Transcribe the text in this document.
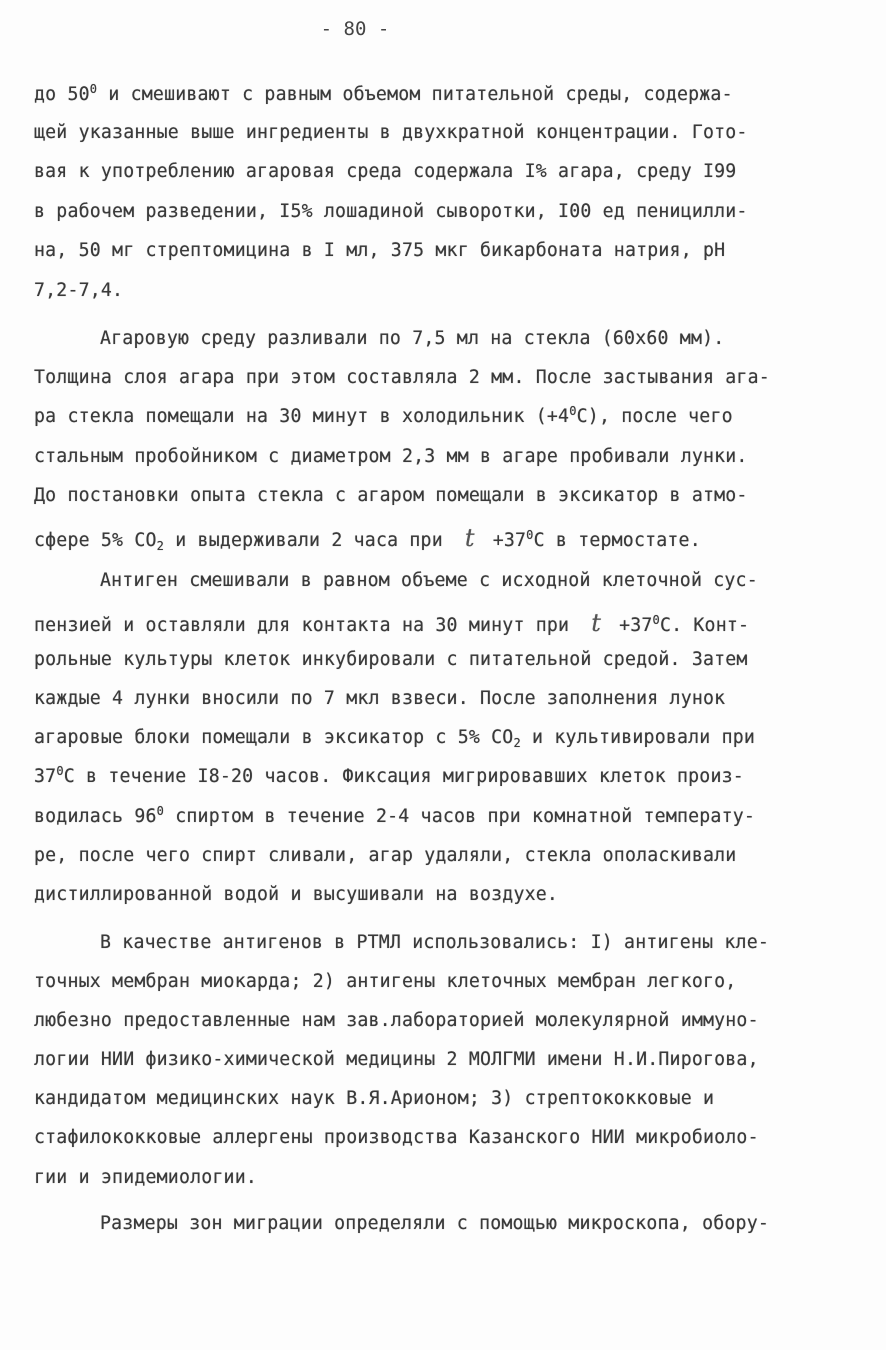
- 80 -
до $50^0$ и смешивают с равным объемом питательной среды, содержа-
щей указанные выше ингредиенты в двухкратной концентрации. Гото-
вая к употреблению агаровая среда содержала I% агара, среду I99
в рабочем разведении, I5% лошадиной сыворотки, I00 ед пеницилли-
на, 50 мг стрептомицина в I мл, 375 мкг бикарбоната натрия, рН
7,2-7,4.
Агаровую среду разливали по 7,5 мл на стекла (60х60 мм).
Толщина слоя агара при этом составляла 2 мм. После застывания ага-
ра стекла помещали на 30 минут в холодильник $(+4^0С)$, после чего
стальным пробойником с диаметром 2,3 мм в агаре пробивали лунки.
До постановки опыта стекла с агаром помещали в эксикатор в атмо-
сфере 5% $СО_2$ и выдерживали 2 часа при $t +37^0С$ в термостате.
Антиген смешивали в равном объеме с исходной клеточной сус-
пензией и оставляли для контакта на 30 минут при $t +37^0С$. Конт-
рольные культуры клеток инкубировали с питательной средой. Затем
каждые 4 лунки вносили по 7 мкл взвеси. После заполнения лунок
агаровые блоки помещали в эксикатор с 5% $СО_2$ и культивировали при
$37^0С$ в течение I8-20 часов. Фиксация мигрировавших клеток произ-
водилась $96^0$ спиртом в течение 2-4 часов при комнатной температу-
ре, после чего спирт сливали, агар удаляли, стекла ополаскивали
дистиллированной водой и высушивали на воздухе.
В качестве антигенов в РТМЛ использовались: I) антигены кле-
точных мембран миокарда; 2) антигены клеточных мембран легкого,
любезно предоставленные нам зав.лабораторией молекулярной иммуно-
логии НИИ физико-химической медицины 2 МОЛГМИ имени Н.И.Пирогова,
кандидатом медицинских наук В.Я.Арионом; 3) стрептококковые и
стафилококковые аллергены производства Казанского НИИ микробиоло-
гии и эпидемиологии.
Размеры зон миграции определяли с помощью микроскопа, обору-
